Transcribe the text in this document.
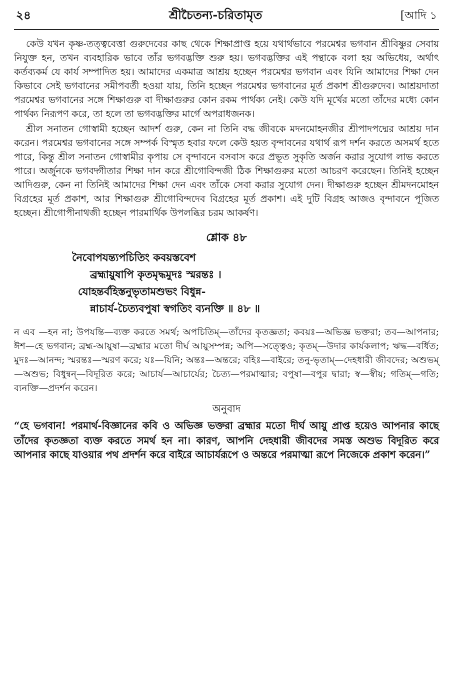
২৪	শ্রীচৈতন্য-চরিতামৃত	[আদি ১

কেউ যখন কৃষ্ণ-তত্ত্ববেত্তা গুরুদেবের কাছ থেকে শিক্ষাপ্রাপ্ত হয়ে যথার্থভাবে পরমেশ্বর ভগবান শ্রীবিষ্ণুর সেবায় নিযুক্ত হন, তখন ব্যবহারিক ভাবে তাঁর ভগবদ্ভক্তি শুরু হয়। ভগবদ্ভক্তির এই পন্থাকে বলা হয় অভিধেয়, অর্থাৎ কর্তব্যকর্ম যে কার্য সম্পাদিত হয়। আমাদের একমাত্র আশ্রয় হচ্ছেন পরমেশ্বর ভগবান এবং যিনি আমাদের শিক্ষা দেন কিভাবে সেই ভগবানের সমীপবর্তী হওয়া যায়, তিনি হচ্ছেন পরমেশ্বর ভগবানের মূর্ত প্রকাশ শ্রীগুরুদেব। আশ্রয়দাতা পরমেশ্বর ভগবানের সঙ্গে শিক্ষাগুরু বা দীক্ষাগুরুর কোন রকম পার্থক্য নেই। কেউ যদি মূর্খের মতো তাঁদের মধ্যে কোন পার্থক্য নিরূপণ করে, তা হলে তা ভগবদ্ভক্তির মার্গে অপরাধজনক।

শ্রীল সনাতন গোস্বামী হচ্ছেন আদর্শ গুরু, কেন না তিনি বদ্ধ জীবকে মদনমোহনজীর শ্রীপাদপদ্মের আশ্রয় দান করেন। পরমেশ্বর ভগবানের সঙ্গে সম্পর্ক বিস্মৃত হবার ফলে কেউ হয়ত বৃন্দাবনের যথার্থ রূপ দর্শন করতে অসমর্থ হতে পারে, কিন্তু শ্রীল সনাতন গোস্বামীর কৃপায় সে বৃন্দাবনে বসবাস করে প্রভূত সুকৃতি অর্জন করার সুযোগ লাভ করতে পারে। অর্জুনকে ভগবদ্গীতার শিক্ষা দান করে শ্রীগোবিন্দজী ঠিক শিক্ষাগুরুর মতো আচরণ করেছেন। তিনিই হচ্ছেন আদিগুরু, কেন না তিনিই আমাদের শিক্ষা দেন এবং তাঁকে সেবা করার সুযোগ দেন। দীক্ষাগুরু হচ্ছেন শ্রীমদনমোহন বিগ্রহের মূর্ত প্রকাশ, আর শিক্ষাগুরু শ্রীগোবিন্দদেব বিগ্রহের মূর্ত প্রকাশ। এই দুটি বিগ্রহ আজও বৃন্দাবনে পূজিত হচ্ছেন। শ্রীগোপীনাথজী হচ্ছেন পারমার্থিক উপলব্ধির চরম আকর্ষণ।

শ্লোক ৪৮
নৈবোপযন্ত্যপচিতিং কবয়স্তবেশ
ব্রহ্মায়ুষাপি কৃতমৃদ্ধমুদঃ স্মরন্তঃ ।
যোহন্তর্বহিস্তনুভৃতামশুভং বিধুন্ন-
ন্নাচার্য-চৈত্যবপুষা স্বগতিং ব্যনক্তি ॥ ৪৮ ॥
ন এব —হন না; উপযন্তি—ব্যক্ত করতে সমর্থ; অপচিতিম্—তাঁদের কৃতজ্ঞতা; কবয়ঃ—অভিজ্ঞ ভক্তরা; তব—আপনার; ঈশ—হে ভগবান; ব্রহ্ম-আয়ুষা—ব্রহ্মার মতো দীর্ঘ আয়ুসম্পন্ন; অপি—সত্ত্বেও; কৃতম্—উদার কার্যকলাপ; ঋদ্ধ—বর্ধিত; মুদঃ—আনন্দ; স্মরন্তঃ—স্মরণ করে; যঃ—যিনি; অন্তঃ—অন্তরে; বহিঃ—বাইরে; তনু-ভৃতাম্—দেহধারী জীবদের; অশুভম্—অশুভ; বিধুন্বন্—বিদূরিত করে; আচার্য—আচার্যের; চৈত্য—পরমাত্মার; বপুষা—বপুর দ্বারা; স্ব—স্বীয়; গতিম্—গতি; ব্যনক্তি—প্রদর্শন করেন।
অনুবাদ
“হে ভগবান! পরমার্থ-বিজ্ঞানের কবি ও অভিজ্ঞ ভক্তরা ব্রহ্মার মতো দীর্ঘ আয়ু প্রাপ্ত হয়েও আপনার কাছে তাঁদের কৃতজ্ঞতা ব্যক্ত করতে সমর্থ হন না। কারণ, আপনি দেহধারী জীবদের সমস্ত অশুভ বিদূরিত করে আপনার কাছে যাওয়ার পথ প্রদর্শন করে বাইরে আচার্যরূপে ও অন্তরে পরমাত্মা রূপে নিজেকে প্রকাশ করেন।”
